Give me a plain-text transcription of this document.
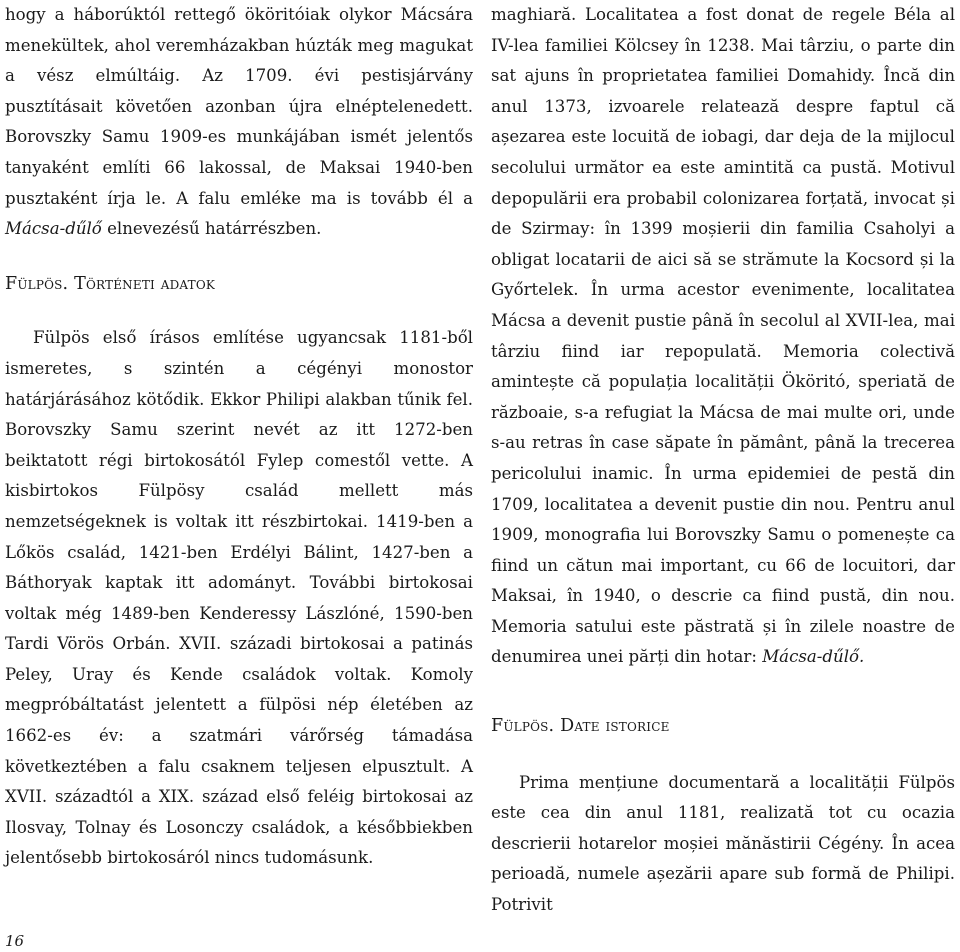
hogy a háborúktól rettegő ököritóiak olykor Mácsára menekültek, ahol veremházakban húzták meg magukat a vész elmúltáig. Az 1709. évi pestisjárvány pusztításait követően azonban újra elnéptelenedett. Borovszky Samu 1909-es munkájában ismét jelentős tanyaként említi 66 lakossal, de Maksai 1940-ben pusztaként írja le. A falu emléke ma is tovább él a Mácsa-dűlő elnevezésű határrészben.

Fülpös. Történeti adatok

Fülpös első írásos említése ugyancsak 1181-ből ismeretes, s szintén a cégényi monostor határjárásához kötődik. Ekkor Philipi alakban tűnik fel. Borovszky Samu szerint nevét az itt 1272-ben beiktatott régi birtokosától Fylep comestől vette. A kisbirtokos Fülpösy család mellett más nemzetségeknek is voltak itt részbirtokai. 1419-ben a Lőkös család, 1421-ben Erdélyi Bálint, 1427-ben a Báthoryak kaptak itt adományt. További birtokosai voltak még 1489-ben Kenderessy Lászlóné, 1590-ben Tardi Vörös Orbán. XVII. századi birtokosai a patinás Peley, Uray és Kende családok voltak. Komoly megpróbáltatást jelentett a fülpösi nép életében az 1662-es év: a szatmári várőrség támadása következtében a falu csaknem teljesen elpusztult. A XVII. századtól a XIX. század első feléig birtokosai az Ilosvay, Tolnay és Losonczy családok, a későbbiekben jelentősebb birtokosáról nincs tudomásunk.

maghiară. Localitatea a fost donat de regele Béla al IV-lea familiei Kölcsey în 1238. Mai târziu, o parte din sat ajuns în proprietatea familiei Domahidy. Încă din anul 1373, izvoarele relatează despre faptul că așezarea este locuită de iobagi, dar deja de la mijlocul secolului următor ea este amintită ca pustă. Motivul depopulării era probabil colonizarea forțată, invocat și de Szirmay: în 1399 moșierii din familia Csaholyi a obligat locatarii de aici să se strămute la Kocsord și la Győrtelek. În urma acestor evenimente, localitatea Mácsa a devenit pustie până în secolul al XVII-lea, mai târziu fiind iar repopulată. Memoria colectivă amintește că populația localității Ököritó, speriată de războaie, s-a refugiat la Mácsa de mai multe ori, unde s-au retras în case săpate în pământ, până la trecerea pericolului inamic. În urma epidemiei de pestă din 1709, localitatea a devenit pustie din nou. Pentru anul 1909, monografia lui Borovszky Samu o pomenește ca fiind un cătun mai important, cu 66 de locuitori, dar Maksai, în 1940, o descrie ca fiind pustă, din nou. Memoria satului este păstrată și în zilele noastre de denumirea unei părți din hotar: Mácsa-dűlő.

Fülpös. Date istorice

Prima mențiune documentară a localității Fülpös este cea din anul 1181, realizată tot cu ocazia descrierii hotarelor moșiei mănăstirii Cégény. În acea perioadă, numele așezării apare sub formă de Philipi. Potrivit

16
